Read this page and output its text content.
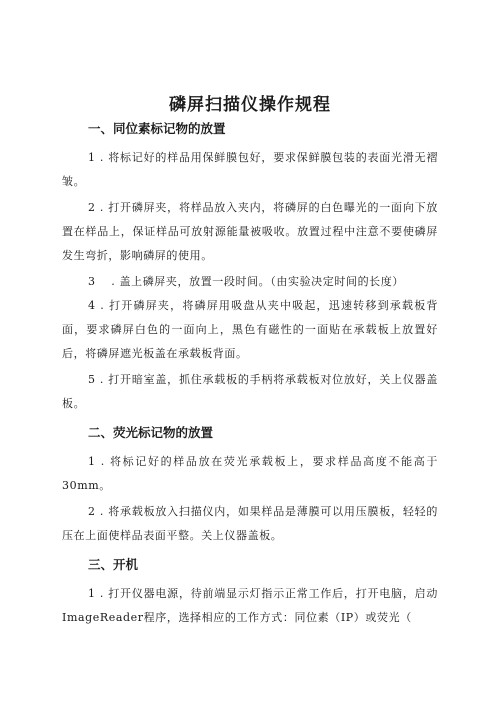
磷屏扫描仪操作规程
一、同位素标记物的放置

1 . 将标记好的样品用保鲜膜包好，要求保鲜膜包装的表面光滑无褶皱。

2 . 打开磷屏夹，将样品放入夹内，将磷屏的白色曝光的一面向下放置在样品上，保证样品可放射源能量被吸收。放置过程中注意不要使磷屏发生弯折，影响磷屏的使用。

3　 . 盖上磷屏夹，放置一段时间。（由实验决定时间的长度）

4 . 打开磷屏夹，将磷屏用吸盘从夹中吸起，迅速转移到承载板背面，要求磷屏白色的一面向上，黑色有磁性的一面贴在承载板上放置好后，将磷屏遮光板盖在承载板背面。

5 . 打开暗室盖，抓住承载板的手柄将承载板对位放好，关上仪器盖板。

二、荧光标记物的放置

1 . 将标记好的样品放在荧光承载板上，要求样品高度不能高于30mm。

2 . 将承载板放入扫描仪内，如果样品是薄膜可以用压膜板，轻轻的压在上面使样品表面平整。关上仪器盖板。

三、开机

1 . 打开仪器电源，待前端显示灯指示正常工作后，打开电脑，启动ImageReader程序，选择相应的工作方式：同位素（IP）或荧光（
